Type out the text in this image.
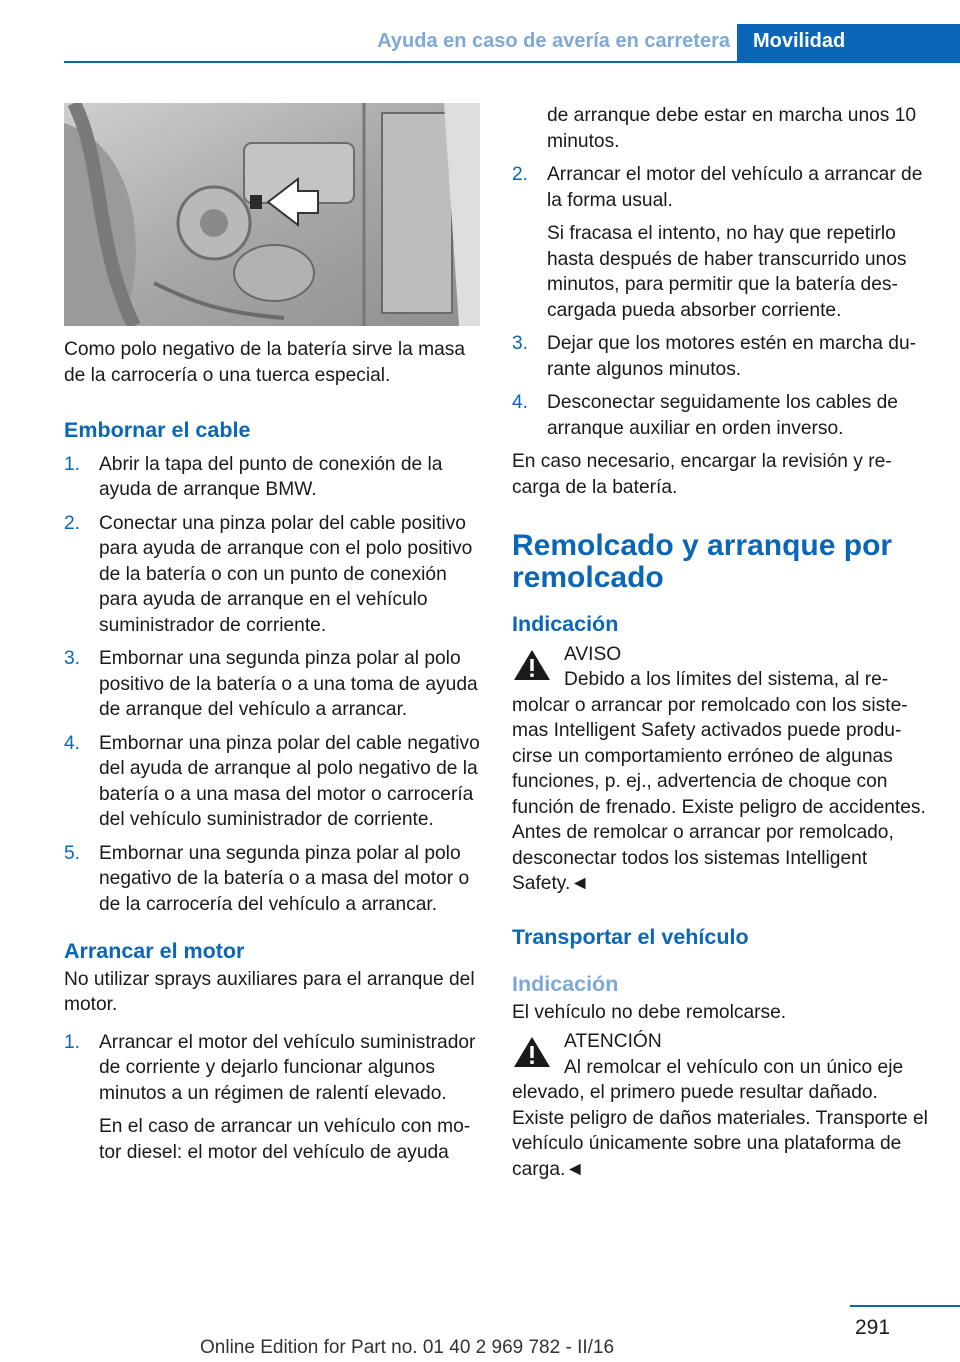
Ayuda en caso de avería en carretera	Movilidad
Como polo negativo de la batería sirve la masa de la carrocería o una tuerca especial.
Embornar el cable
1. Abrir la tapa del punto de conexión de la ayuda de arranque BMW.
2. Conectar una pinza polar del cable positivo para ayuda de arranque con el polo positivo de la batería o con un punto de conexión para ayuda de arranque en el vehículo suministrador de corriente.
3. Embornar una segunda pinza polar al polo positivo de la batería o a una toma de ayuda de arranque del vehículo a arrancar.
4. Embornar una pinza polar del cable negativo del ayuda de arranque al polo negativo de la batería o a una masa del motor o carrocería del vehículo suministrador de corriente.
5. Embornar una segunda pinza polar al polo negativo de la batería o a masa del motor o de la carrocería del vehículo a arrancar.
Arrancar el motor
No utilizar sprays auxiliares para el arranque del motor.
1. Arrancar el motor del vehículo suministrador de corriente y dejarlo funcionar algunos minutos a un régimen de ralentí elevado.

En el caso de arrancar un vehículo con motor diesel: el motor del vehículo de ayuda

de arranque debe estar en marcha unos 10 minutos.
2. Arrancar el motor del vehículo a arrancar de la forma usual.

Si fracasa el intento, no hay que repetirlo hasta después de haber transcurrido unos minutos, para permitir que la batería descargada pueda absorber corriente.

3. Dejar que los motores estén en marcha durante algunos minutos.
4. Desconectar seguidamente los cables de arranque auxiliar en orden inverso.
En caso necesario, encargar la revisión y recarga de la batería.
Remolcado y arranque por remolcado
Indicación
AVISO
Debido a los límites del sistema, al remolcar o arrancar por remolcado con los sistemas Intelligent Safety activados puede producirse un comportamiento erróneo de algunas funciones, p. ej., advertencia de choque con función de frenado. Existe peligro de accidentes. Antes de remolcar o arrancar por remolcado, desconectar todos los sistemas Intelligent Safety.◄
Transportar el vehículo
Indicación
El vehículo no debe remolcarse.
ATENCIÓN
Al remolcar el vehículo con un único eje elevado, el primero puede resultar dañado. Existe peligro de daños materiales. Transporte el vehículo únicamente sobre una plataforma de carga.◄
291
Online Edition for Part no. 01 40 2 969 782 - II/16
